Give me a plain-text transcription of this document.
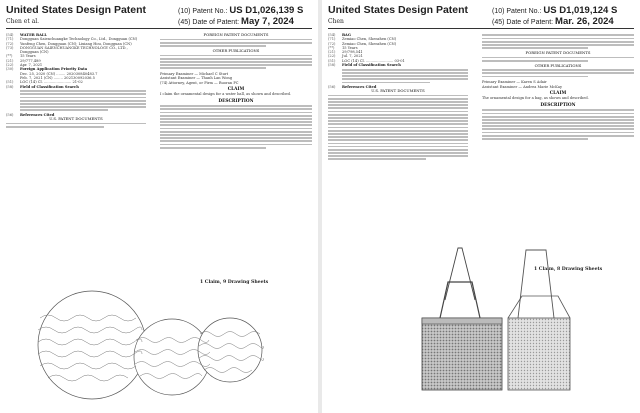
United States Design Patent
Chen et al.
(10) Patent No.: US D1,026,139 S
(45) Date of Patent: May 7, 2024
(54)	WATER BALL
(71)	Dongguan Saienchuangke Technology Co., Ltd., Dongguan (CN)
(72)	Yunfeng Chen, Dongguan (CN); Lixiang Hou, Dongguan (CN)
(73)	DONGGUAN SAIENCHUANGKE TECHNOLOGY CO., LTD., Dongguan (CN)
(**)	15 Years
(21)	29/777,489
(22)	Apr. 7, 2021
(30)	Foreign Application Priority Data
Dec. 25, 2020 (CN) ........ 202030840483.7
Feb. 7, 2021 (CN) ........ 202130092036.5
(51)	LOC (14) Cl. ........................ 21-02
(58)	Field of Classification Search
(56)	References Cited
U.S. PATENT DOCUMENTS
FOREIGN PATENT DOCUMENTS
OTHER PUBLICATIONS
Primary Examiner — Michael C Sturt
Assistant Examiner — Thanh Lan Wong
(74) Attorney, Agent, or Firm — Ruoran PC
CLAIM
I claim the ornamental design for a water ball, as shown and described.
DESCRIPTION
1 Claim, 9 Drawing Sheets
United States Design Patent
Chen
(10) Patent No.: US D1,019,124 S
(45) Date of Patent: Mar. 26, 2024
(54)	BAG
(71)	Zemiao Chen, Shenzhen (CN)
(72)	Zemiao Chen, Shenzhen (CN)
(**)	15 Years
(21)	29/798,541
(22)	Jul. 7, 2021
(51)	LOC (14) Cl. ........................ 03-01
(58)	Field of Classification Search
(56)	References Cited
U.S. PATENT DOCUMENTS
FOREIGN PATENT DOCUMENTS
OTHER PUBLICATIONS
Primary Examiner — Karen S Adair
Assistant Examiner — Andrea Marie McKay
CLAIM
The ornamental design for a bag, as shown and described.
DESCRIPTION
1 Claim, 8 Drawing Sheets
